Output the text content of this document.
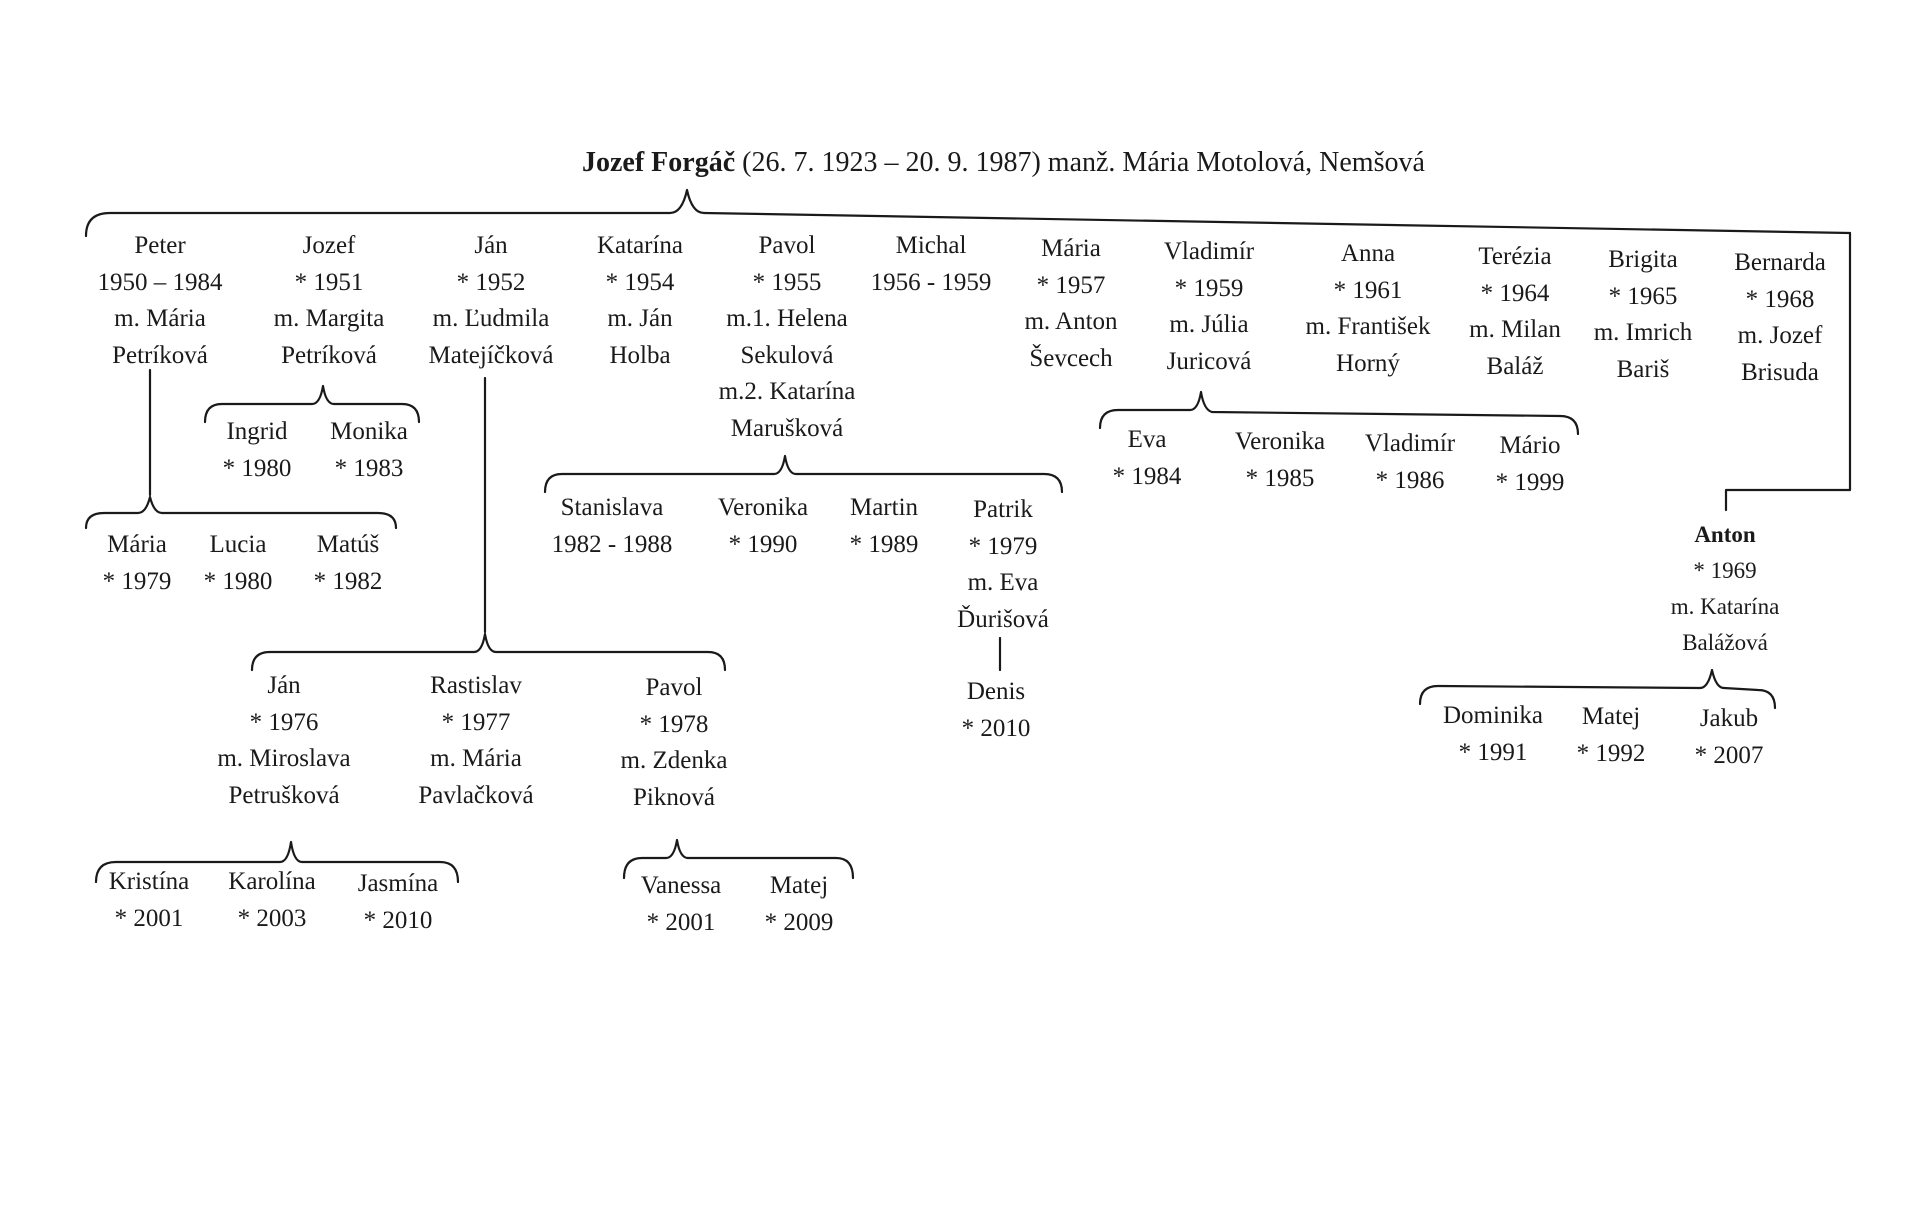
Jozef Forgáč (26. 7. 1923 – 20. 9. 1987) manž. Mária Motolová, Nemšová
Peter
1950 – 1984
m. Mária
Petríková
Jozef
* 1951
m. Margita
Petríková
Ján
* 1952
m. Ľudmila
Matejíčková
Katarína
* 1954
m. Ján
Holba
Pavol
* 1955
m.1. Helena
Sekulová
m.2. Katarína
Marušková
Michal
1956 - 1959
Mária
* 1957
m. Anton
Ševcech
Vladimír
* 1959
m. Júlia
Juricová
Anna
* 1961
m. František
Horný
Terézia
* 1964
m. Milan
Baláž
Brigita
* 1965
m. Imrich
Bariš
Bernarda
* 1968
m. Jozef
Brisuda
Ingrid
* 1980
Monika
* 1983
Mária
* 1979
Lucia
* 1980
Matúš
* 1982
Stanislava
1982 - 1988
Veronika
* 1990
Martin
* 1989
Patrik
* 1979
m. Eva
Ďurišová
Denis
* 2010
Eva
* 1984
Veronika
* 1985
Vladimír
* 1986
Mário
* 1999
Anton
* 1969
m. Katarína
Balážová
Dominika
* 1991
Matej
* 1992
Jakub
* 2007
Ján
* 1976
m. Miroslava
Petrušková
Rastislav
* 1977
m. Mária
Pavlačková
Pavol
* 1978
m. Zdenka
Piknová
Kristína
* 2001
Karolína
* 2003
Jasmína
* 2010
Vanessa
* 2001
Matej
* 2009
